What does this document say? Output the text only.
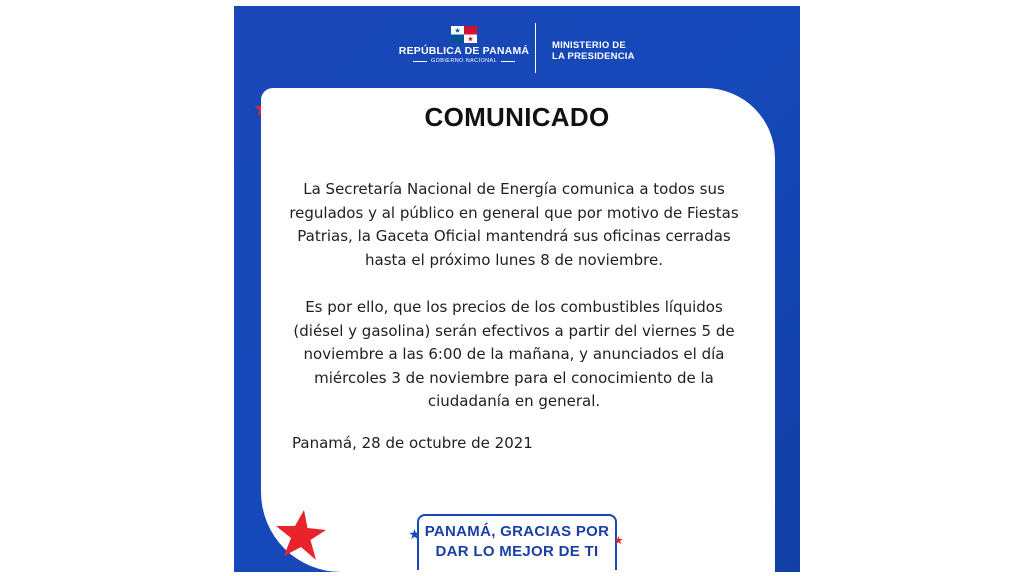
REPÚBLICA DE PANAMÁ
GOBIERNO NACIONAL
MINISTERIO DE
LA PRESIDENCIA
COMUNICADO

La Secretaría Nacional de Energía comunica a todos sus regulados y al público en general que por motivo de Fiestas Patrias, la Gaceta Oficial mantendrá sus oficinas cerradas hasta el próximo lunes 8 de noviembre.

Es por ello, que los precios de los combustibles líquidos (diésel y gasolina) serán efectivos a partir del viernes 5 de noviembre a las 6:00 de la mañana, y anunciados el día miércoles 3 de noviembre para el conocimiento de la ciudadanía en general.

Panamá, 28 de octubre de 2021
PANAMÁ, GRACIAS POR
DAR LO MEJOR DE TI
